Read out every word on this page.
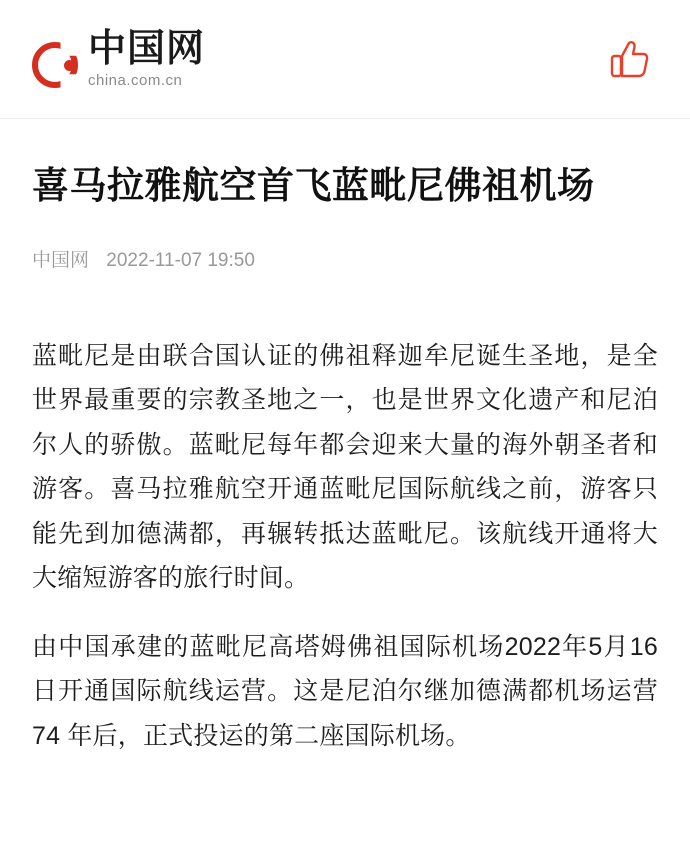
中国网
china.com.cn
喜马拉雅航空首飞蓝毗尼佛祖机场
中国网 2022-11-07 19:50

蓝毗尼是由联合国认证的佛祖释迦牟尼诞生圣地，是全世界最重要的宗教圣地之一，也是世界文化遗产和尼泊尔人的骄傲。蓝毗尼每年都会迎来大量的海外朝圣者和游客。喜马拉雅航空开通蓝毗尼国际航线之前，游客只能先到加德满都，再辗转抵达蓝毗尼。该航线开通将大大缩短游客的旅行时间。

由中国承建的蓝毗尼高塔姆佛祖国际机场2022年5月16日开通国际航线运营。这是尼泊尔继加德满都机场运营74 年后，正式投运的第二座国际机场。
